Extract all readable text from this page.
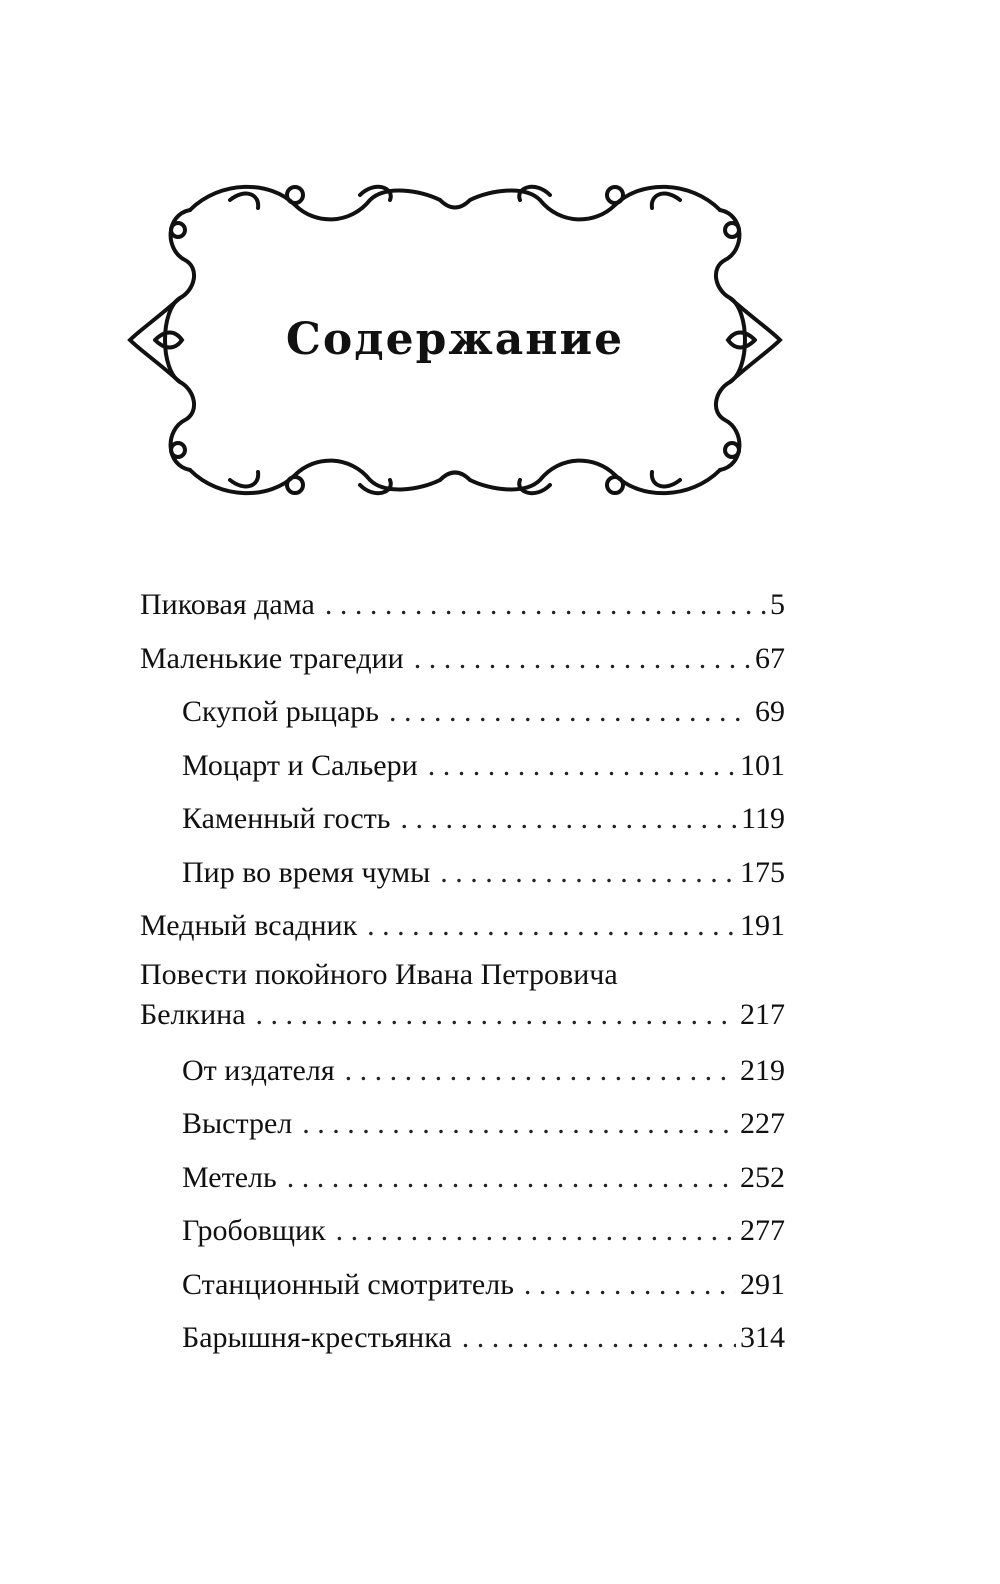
Содержание
Пиковая дама . . .	5
Маленькие трагедии . . .	67
Скупой рыцарь . . .	69
Моцарт и Сальери . . .	101
Каменный гость . . .	119
Пир во время чумы . . .	175
Медный всадник . . .	191
Повести покойного Ивана Петровича
Белкина . . .	217
От издателя . . .	219
Выстрел . . .	227
Метель . . .	252
Гробовщик . . .	277
Станционный смотритель . . .	291
Барышня-крестьянка . . .	314
